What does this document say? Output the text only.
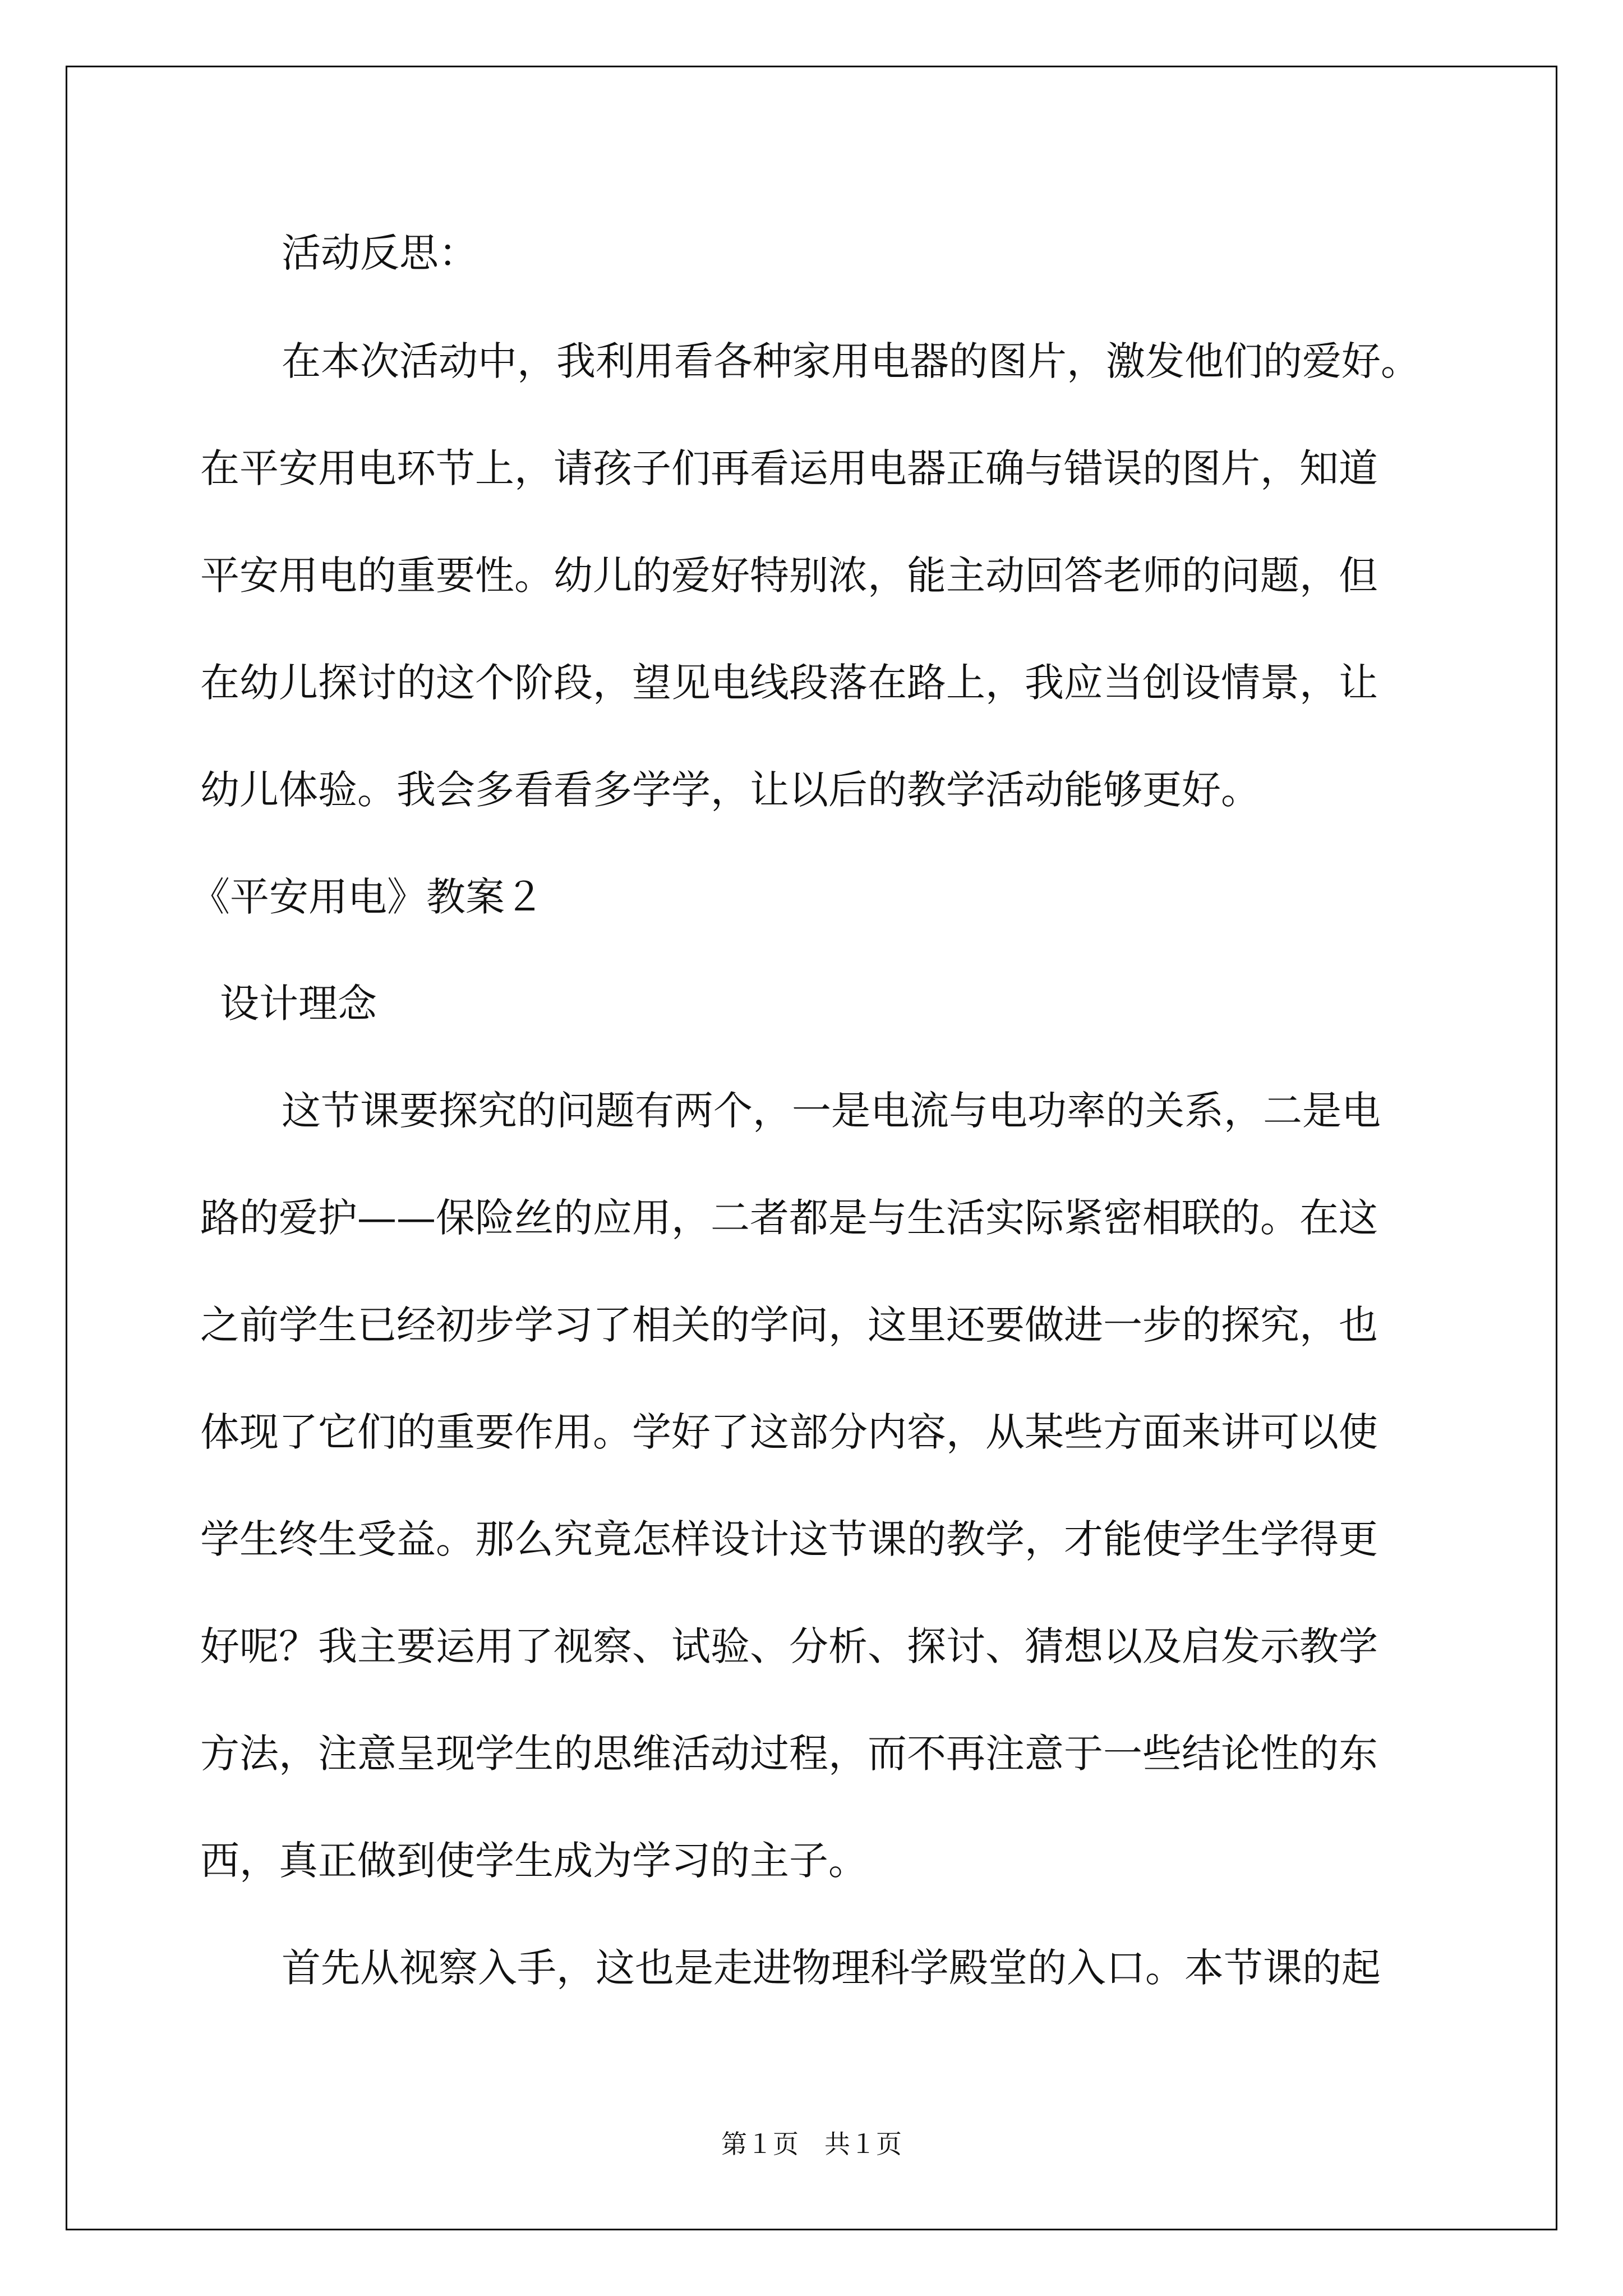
活动反思：

在本次活动中，我利用看各种家用电器的图片，激发他们的爱好。

在平安用电环节上，请孩子们再看运用电器正确与错误的图片，知道

平安用电的重要性。幼儿的爱好特别浓，能主动回答老师的问题，但

在幼儿探讨的这个阶段，望见电线段落在路上，我应当创设情景，让

幼儿体验。我会多看看多学学，让以后的教学活动能够更好。

《平安用电》教案２

设计理念

这节课要探究的问题有两个，一是电流与电功率的关系，二是电

路的爱护——保险丝的应用，二者都是与生活实际紧密相联的。在这

之前学生已经初步学习了相关的学问，这里还要做进一步的探究，也

体现了它们的重要作用。学好了这部分内容，从某些方面来讲可以使

学生终生受益。那么究竟怎样设计这节课的教学，才能使学生学得更

好呢？我主要运用了视察、试验、分析、探讨、猜想以及启发示教学

方法，注意呈现学生的思维活动过程，而不再注意于一些结论性的东

西，真正做到使学生成为学习的主子。

首先从视察入手，这也是走进物理科学殿堂的入口。本节课的起

第１页　共１页
